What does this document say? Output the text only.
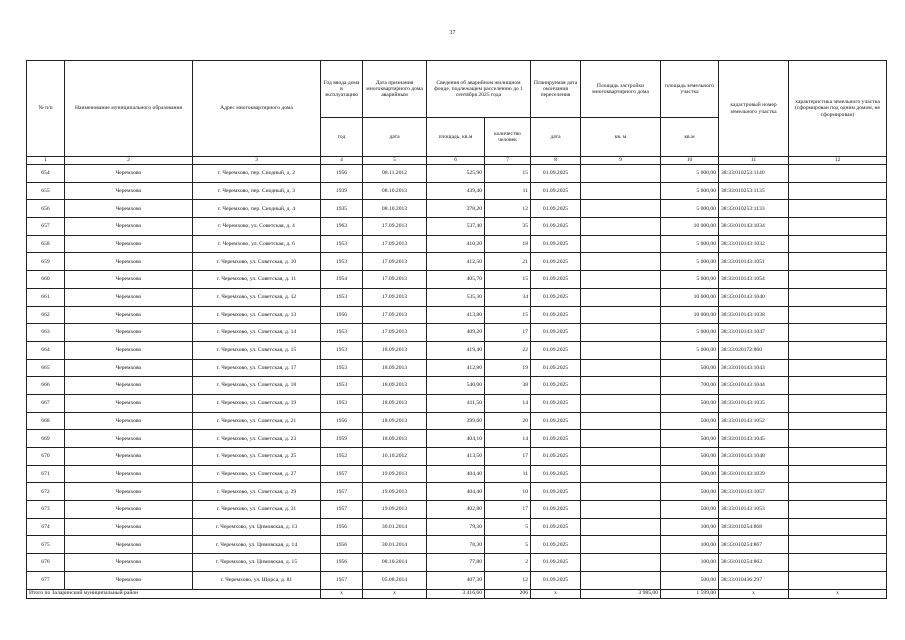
37
№ п/п	Наименование муниципального образования	Адрес многоквартирного дома	Год ввода дома в эксплуатацию	Дата признания многоквартирного дома аварийным	Сведения об аварийном жилищном фонде, подлежащем расселению до 1 сентября 2025 года		Планируемая дата окончания переселения	Площадь застройки многоквартирного дома	площадь земельного участка	кадастровый номер земельного участка	характеристика земельного участка (сформирован под одним домом, не сформирован)
			год	дата	площадь, кв.м	количество человек	дата	кв. м	кв.м		
1	2	3	4	5	6	7	8	9	10	11	12
654	Черемхово	г. Черемхово, пер. Сиодный, д. 2	1956	08.11.2012	525,90	15	01.09.2025		5 000,00	38:33:010253:1140	
655	Черемхово	г. Черемхово, пер. Сиодный, д. 3	1939	08.10.2013	439,40	11	01.09.2025		5 000,00	38:33:010253:1135	
656	Черемхово	г. Черемхово, пер. Сиодный, д. 4	1935	08.10.2013	378,20	12	01.09.2025		5 000,00	38:33:010253:1133	
657	Черемхово	г. Черемхово, ул. Советская, д. 4	1963	17.09.2013	537,40	35	01.09.2025		10 000,00	38:33:010143:1034	
658	Черемхово	г. Черемхово, ул. Советская, д. 6	1953	17.09.2013	410,20	18	01.09.2025		5 000,00	38:33:010143:1032	
659	Черемхово	г. Черемхово, ул. Советская, д. 10	1953	17.09.2013	412,50	21	01.09.2025		5 000,00	38:33:010143:1051	
660	Черемхово	г. Черемхово, ул. Советская, д. 11	1954	17.09.2013	405,70	15	01.09.2025		5 000,00	38:33:010143:1054	
661	Черемхово	г. Черемхово, ул. Советская, д. 12	1953	17.09.2013	535,30	34	01.09.2025		10 000,00	38:33:010143:1040	
662	Черемхово	г. Черемхово, ул. Советская, д. 13	1956	17.09.2013	413,80	15	01.09.2025		10 000,00	38:33:010143:1038	
663	Черемхово	г. Черемхово, ул. Советская, д. 14	1953	17.09.2013	409,20	17	01.09.2025		5 000,00	38:33:010143:1047	
664	Черемхово	г. Черемхово, ул. Советская, д. 15	1953	18.09.2013	419,40	22	01.09.2025		5 000,00	38:33:020172:860	
665	Черемхово	г. Черемхово, ул. Советская, д. 17	1953	18.09.2013	412,80	19	01.09.2025		500,00	38:33:010143:1043	
666	Черемхово	г. Черемхово, ул. Советская, д. 18	1953	18.09.2013	540,00	38	01.09.2025		700,00	38:33:010143:1044	
667	Черемхово	г. Черемхово, ул. Советская, д. 19	1953	18.09.2013	411,50	14	01.09.2025		500,00	38:33:010143:1035	
668	Черемхово	г. Черемхово, ул. Советская, д. 21	1956	18.09.2013	399,60	20	01.09.2025		500,00	38:33:010143:1052	
669	Черемхово	г. Черемхово, ул. Советская, д. 23	1959	18.09.2013	404,10	14	01.09.2025		500,00	38:33:010143:1045	
670	Черемхово	г. Черемхово, ул. Советская, д. 25	1952	10.10.2012	413,50	17	01.09.2025		500,00	38:33:010143:1048	
671	Черемхово	г. Черемхово, ул. Советская, д. 27	1957	19.09.2013	404,40	11	01.09.2025		500,00	38:33:010143:1039	
672	Черемхово	г. Черемхово, ул. Советская, д. 29	1957	19.09.2013	404,40	10	01.09.2025		500,00	38:33:010143:1057	
673	Черемхово	г. Черемхово, ул. Советская, д. 31	1957	19.09.2013	402,80	17	01.09.2025		500,00	38:33:010143:1053	
674	Черемхово	г. Черемхово, ул. Цимовская, д. 13	1956	30.01.2014	79,30	5	01.09.2025		100,00	38:33:010254:868	
675	Черемхово	г. Черемхово, ул. Цимовская, д. 14	1956	30.01.2014	78,30	5	01.09.2025		100,00	38:33:010254:867	
676	Черемхово	г. Черемхово, ул. Цимовская, д. 15	1956	08.10.2014	77,80	2	01.09.2025		100,00	38:33:010254:862	
677	Черемхово	г. Черемхово, ул. Щорса, д. 81	1957	05.08.2014	407,30	12	01.09.2025		500,00	38:33:010436:297	
Итого по Заларинский муниципальный район			x	x	3 416,60	206	x	3 985,00	1 599,00	x	x
